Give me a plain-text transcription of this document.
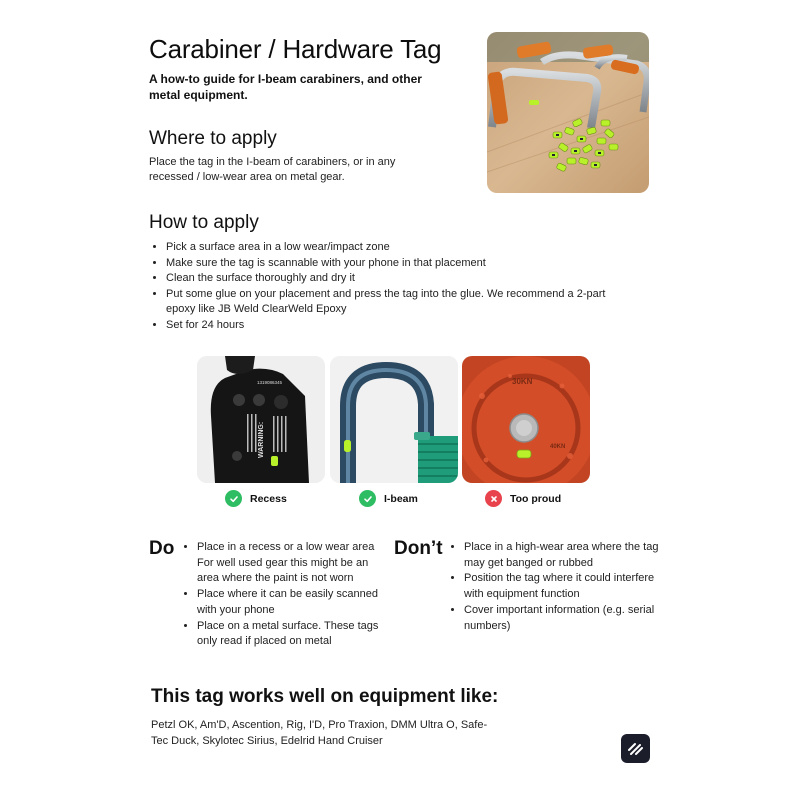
Carabiner / Hardware Tag
A how-to guide for I-beam carabiners, and other metal equipment.
Where to apply
Place the tag in the I-beam of carabiners, or in any recessed / low-wear area on metal gear.
How to apply
• Pick a surface area in a low wear/impact zone
• Make sure the tag is scannable with your phone in that placement
• Clean the surface thoroughly and dry it
• Put some glue on your placement and press the tag into the glue. We recommend a 2-part epoxy like JB Weld ClearWeld Epoxy
• Set for 24 hours
1319086345
WARNING:
30KN
40KN
Recess	I-beam	Too proud
Do • Place in a recess or a low wear area For well used gear this might be an area where the paint is not worn
• Place where it can be easily scanned with your phone
• Place on a metal surface. These tags only read if placed on metal
Don’t • Place in a high-wear area where the tag may get banged or rubbed
• Position the tag where it could interfere with equipment function
• Cover important information (e.g. serial numbers)
This tag works well on equipment like:
Petzl OK, Am'D, Ascention, Rig, I'D, Pro Traxion, DMM Ultra O, Safe-Tec Duck, Skylotec Sirius, Edelrid Hand Cruiser
